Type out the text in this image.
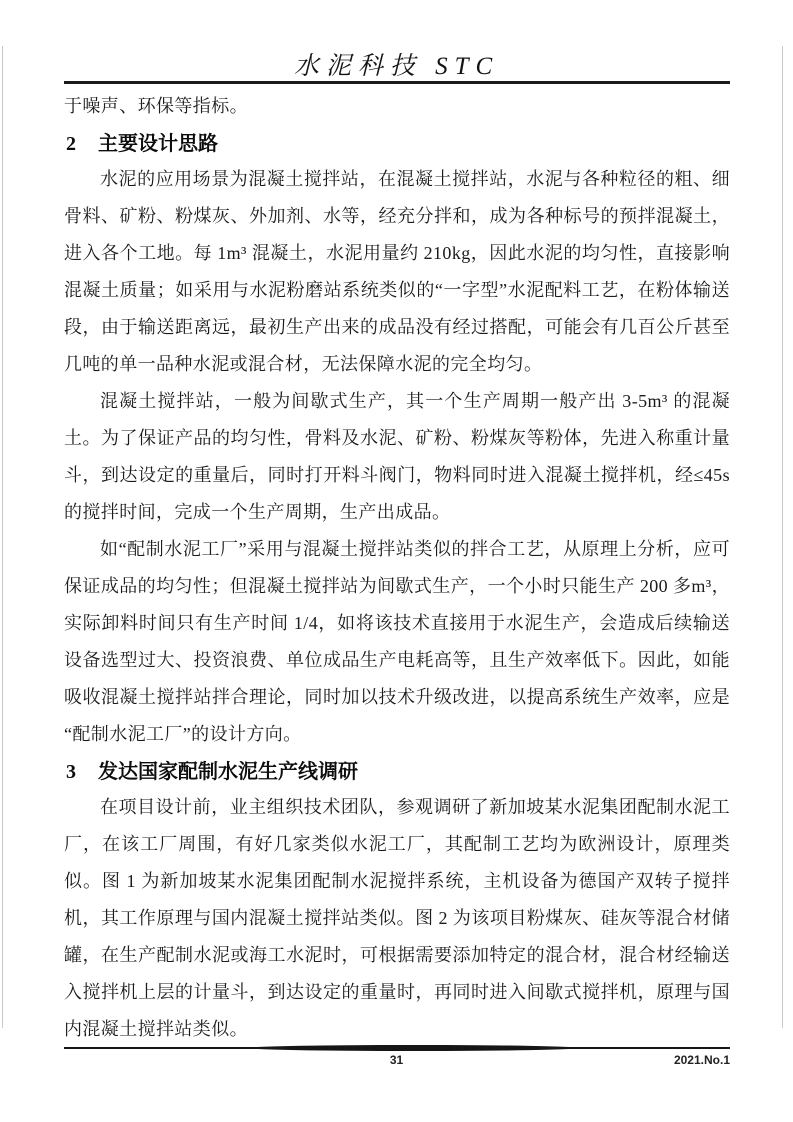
水泥科技 STC

于噪声、环保等指标。

2 主要设计思路

水泥的应用场景为混凝土搅拌站，在混凝土搅拌站，水泥与各种粒径的粗、细骨料、矿粉、粉煤灰、外加剂、水等，经充分拌和，成为各种标号的预拌混凝土，进入各个工地。每 1m³ 混凝土，水泥用量约 210kg，因此水泥的均匀性，直接影响混凝土质量；如采用与水泥粉磨站系统类似的“一字型”水泥配料工艺，在粉体输送段，由于输送距离远，最初生产出来的成品没有经过搭配，可能会有几百公斤甚至几吨的单一品种水泥或混合材，无法保障水泥的完全均匀。

混凝土搅拌站，一般为间歇式生产，其一个生产周期一般产出 3-5m³ 的混凝土。为了保证产品的均匀性，骨料及水泥、矿粉、粉煤灰等粉体，先进入称重计量斗，到达设定的重量后，同时打开料斗阀门，物料同时进入混凝土搅拌机，经≤45s 的搅拌时间，完成一个生产周期，生产出成品。

如“配制水泥工厂”采用与混凝土搅拌站类似的拌合工艺，从原理上分析，应可保证成品的均匀性；但混凝土搅拌站为间歇式生产，一个小时只能生产 200 多m³，实际卸料时间只有生产时间 1/4，如将该技术直接用于水泥生产，会造成后续输送设备选型过大、投资浪费、单位成品生产电耗高等，且生产效率低下。因此，如能吸收混凝土搅拌站拌合理论，同时加以技术升级改进，以提高系统生产效率，应是“配制水泥工厂”的设计方向。

3 发达国家配制水泥生产线调研

在项目设计前，业主组织技术团队，参观调研了新加坡某水泥集团配制水泥工厂，在该工厂周围，有好几家类似水泥工厂，其配制工艺均为欧洲设计，原理类似。图 1 为新加坡某水泥集团配制水泥搅拌系统，主机设备为德国产双转子搅拌机，其工作原理与国内混凝土搅拌站类似。图 2 为该项目粉煤灰、硅灰等混合材储罐，在生产配制水泥或海工水泥时，可根据需要添加特定的混合材，混合材经输送入搅拌机上层的计量斗，到达设定的重量时，再同时进入间歇式搅拌机，原理与国内混凝土搅拌站类似。

31	2021.No.1
